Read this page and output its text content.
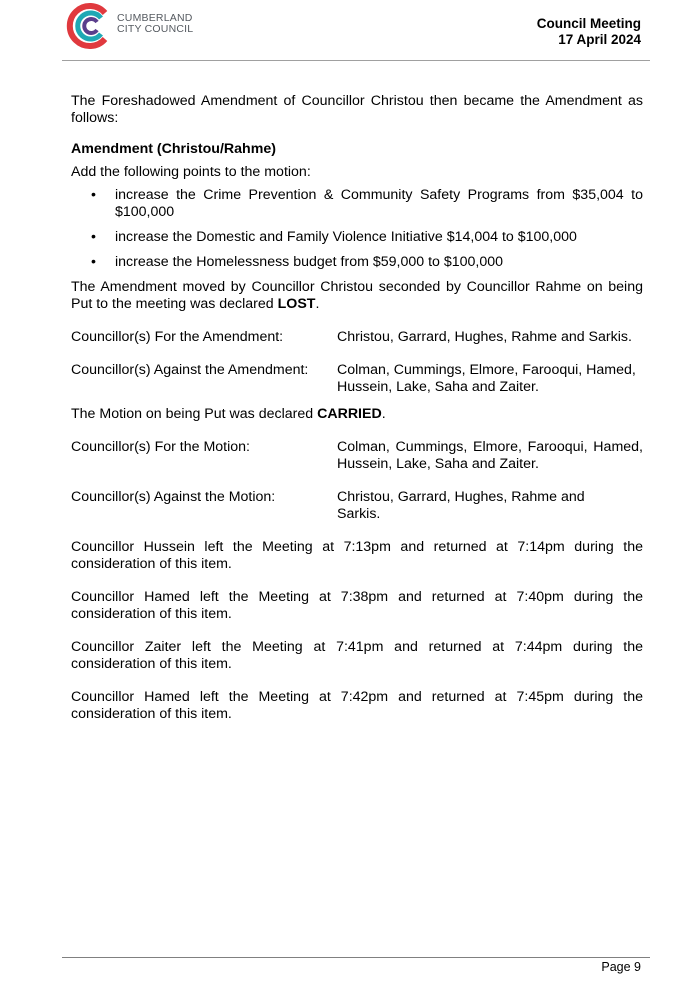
CUMBERLAND
CITY COUNCIL	Council Meeting
17 April 2024

The Foreshadowed Amendment of Councillor Christou then became the Amendment as follows:

Amendment (Christou/Rahme)

Add the following points to the motion:

• increase the Crime Prevention & Community Safety Programs from $35,004 to $100,000
• increase the Domestic and Family Violence Initiative $14,004 to $100,000
• increase the Homelessness budget from $59,000 to $100,000

The Amendment moved by Councillor Christou seconded by Councillor Rahme on being Put to the meeting was declared LOST.

Councillor(s) For the Amendment:	Christou, Garrard, Hughes, Rahme and Sarkis.
Councillor(s) Against the Amendment:	Colman, Cummings, Elmore, Farooqui, Hamed, Hussein, Lake, Saha and Zaiter.

The Motion on being Put was declared CARRIED.

Councillor(s) For the Motion:	Colman, Cummings, Elmore, Farooqui, Hamed, Hussein, Lake, Saha and Zaiter.
Councillor(s) Against the Motion:	Christou, Garrard, Hughes, Rahme and Sarkis.

Councillor Hussein left the Meeting at 7:13pm and returned at 7:14pm during the consideration of this item.

Councillor Hamed left the Meeting at 7:38pm and returned at 7:40pm during the consideration of this item.

Councillor Zaiter left the Meeting at 7:41pm and returned at 7:44pm during the consideration of this item.

Councillor Hamed left the Meeting at 7:42pm and returned at 7:45pm during the consideration of this item.

Page 9
